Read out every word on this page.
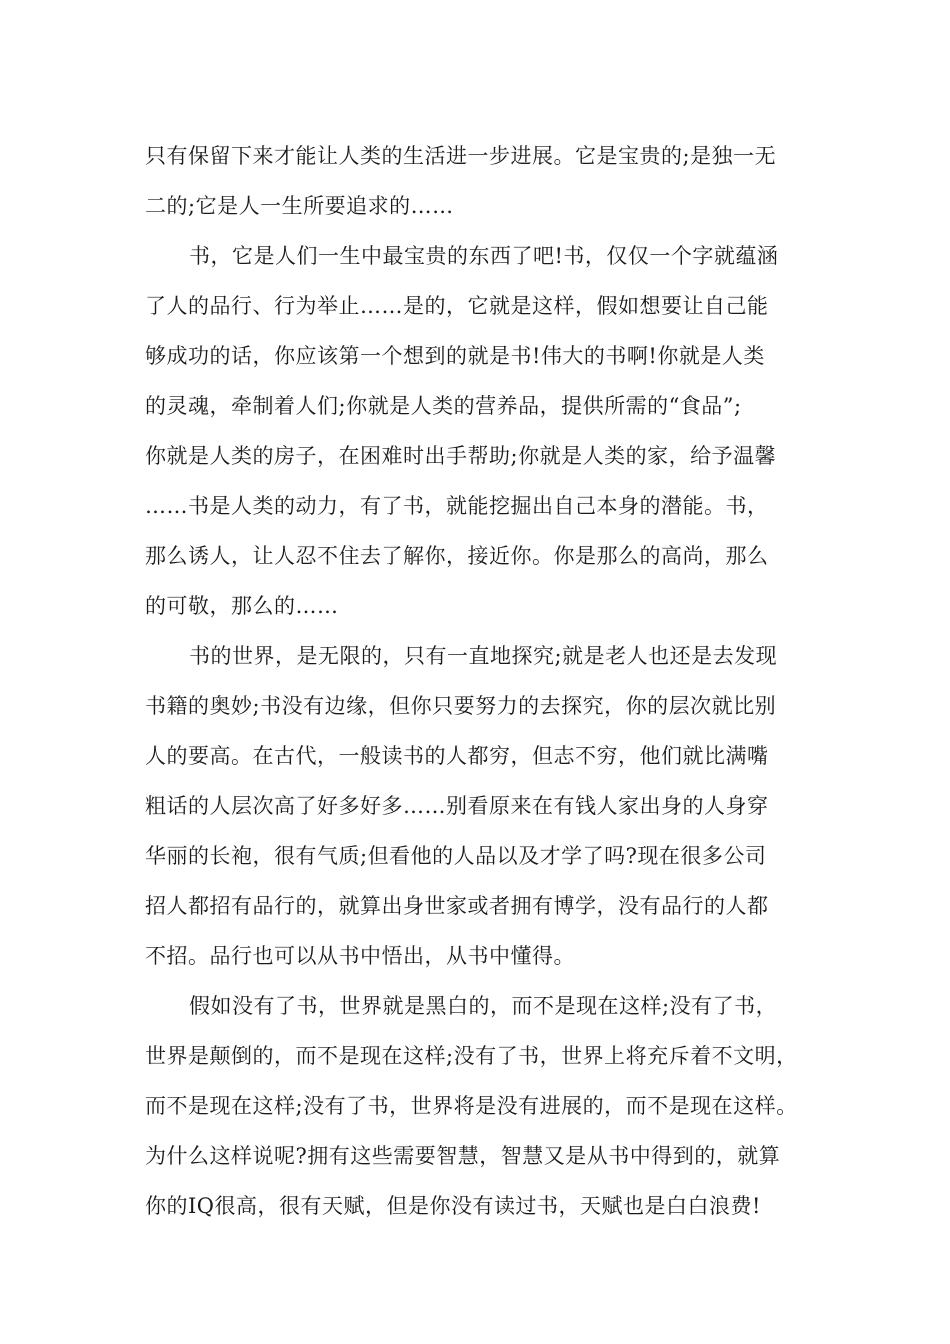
只有保留下来才能让人类的生活进一步进展。它是宝贵的;是独一无
二的;它是人一生所要追求的……
书，它是人们一生中最宝贵的东西了吧!书，仅仅一个字就蕴涵
了人的品行、行为举止……是的，它就是这样，假如想要让自己能
够成功的话，你应该第一个想到的就是书!伟大的书啊!你就是人类
的灵魂，牵制着人们;你就是人类的营养品，提供所需的“食品”;
你就是人类的房子，在困难时出手帮助;你就是人类的家，给予温馨
……书是人类的动力，有了书，就能挖掘出自己本身的潜能。书，
那么诱人，让人忍不住去了解你，接近你。你是那么的高尚，那么
的可敬，那么的……
书的世界，是无限的，只有一直地探究;就是老人也还是去发现
书籍的奥妙;书没有边缘，但你只要努力的去探究，你的层次就比别
人的要高。在古代，一般读书的人都穷，但志不穷，他们就比满嘴
粗话的人层次高了好多好多……别看原来在有钱人家出身的人身穿
华丽的长袍，很有气质;但看他的人品以及才学了吗?现在很多公司
招人都招有品行的，就算出身世家或者拥有博学，没有品行的人都
不招。品行也可以从书中悟出，从书中懂得。
假如没有了书，世界就是黑白的，而不是现在这样;没有了书，
世界是颠倒的，而不是现在这样;没有了书，世界上将充斥着不文明，
而不是现在这样;没有了书，世界将是没有进展的，而不是现在这样。
为什么这样说呢?拥有这些需要智慧，智慧又是从书中得到的，就算
你的IQ很高，很有天赋，但是你没有读过书，天赋也是白白浪费!
